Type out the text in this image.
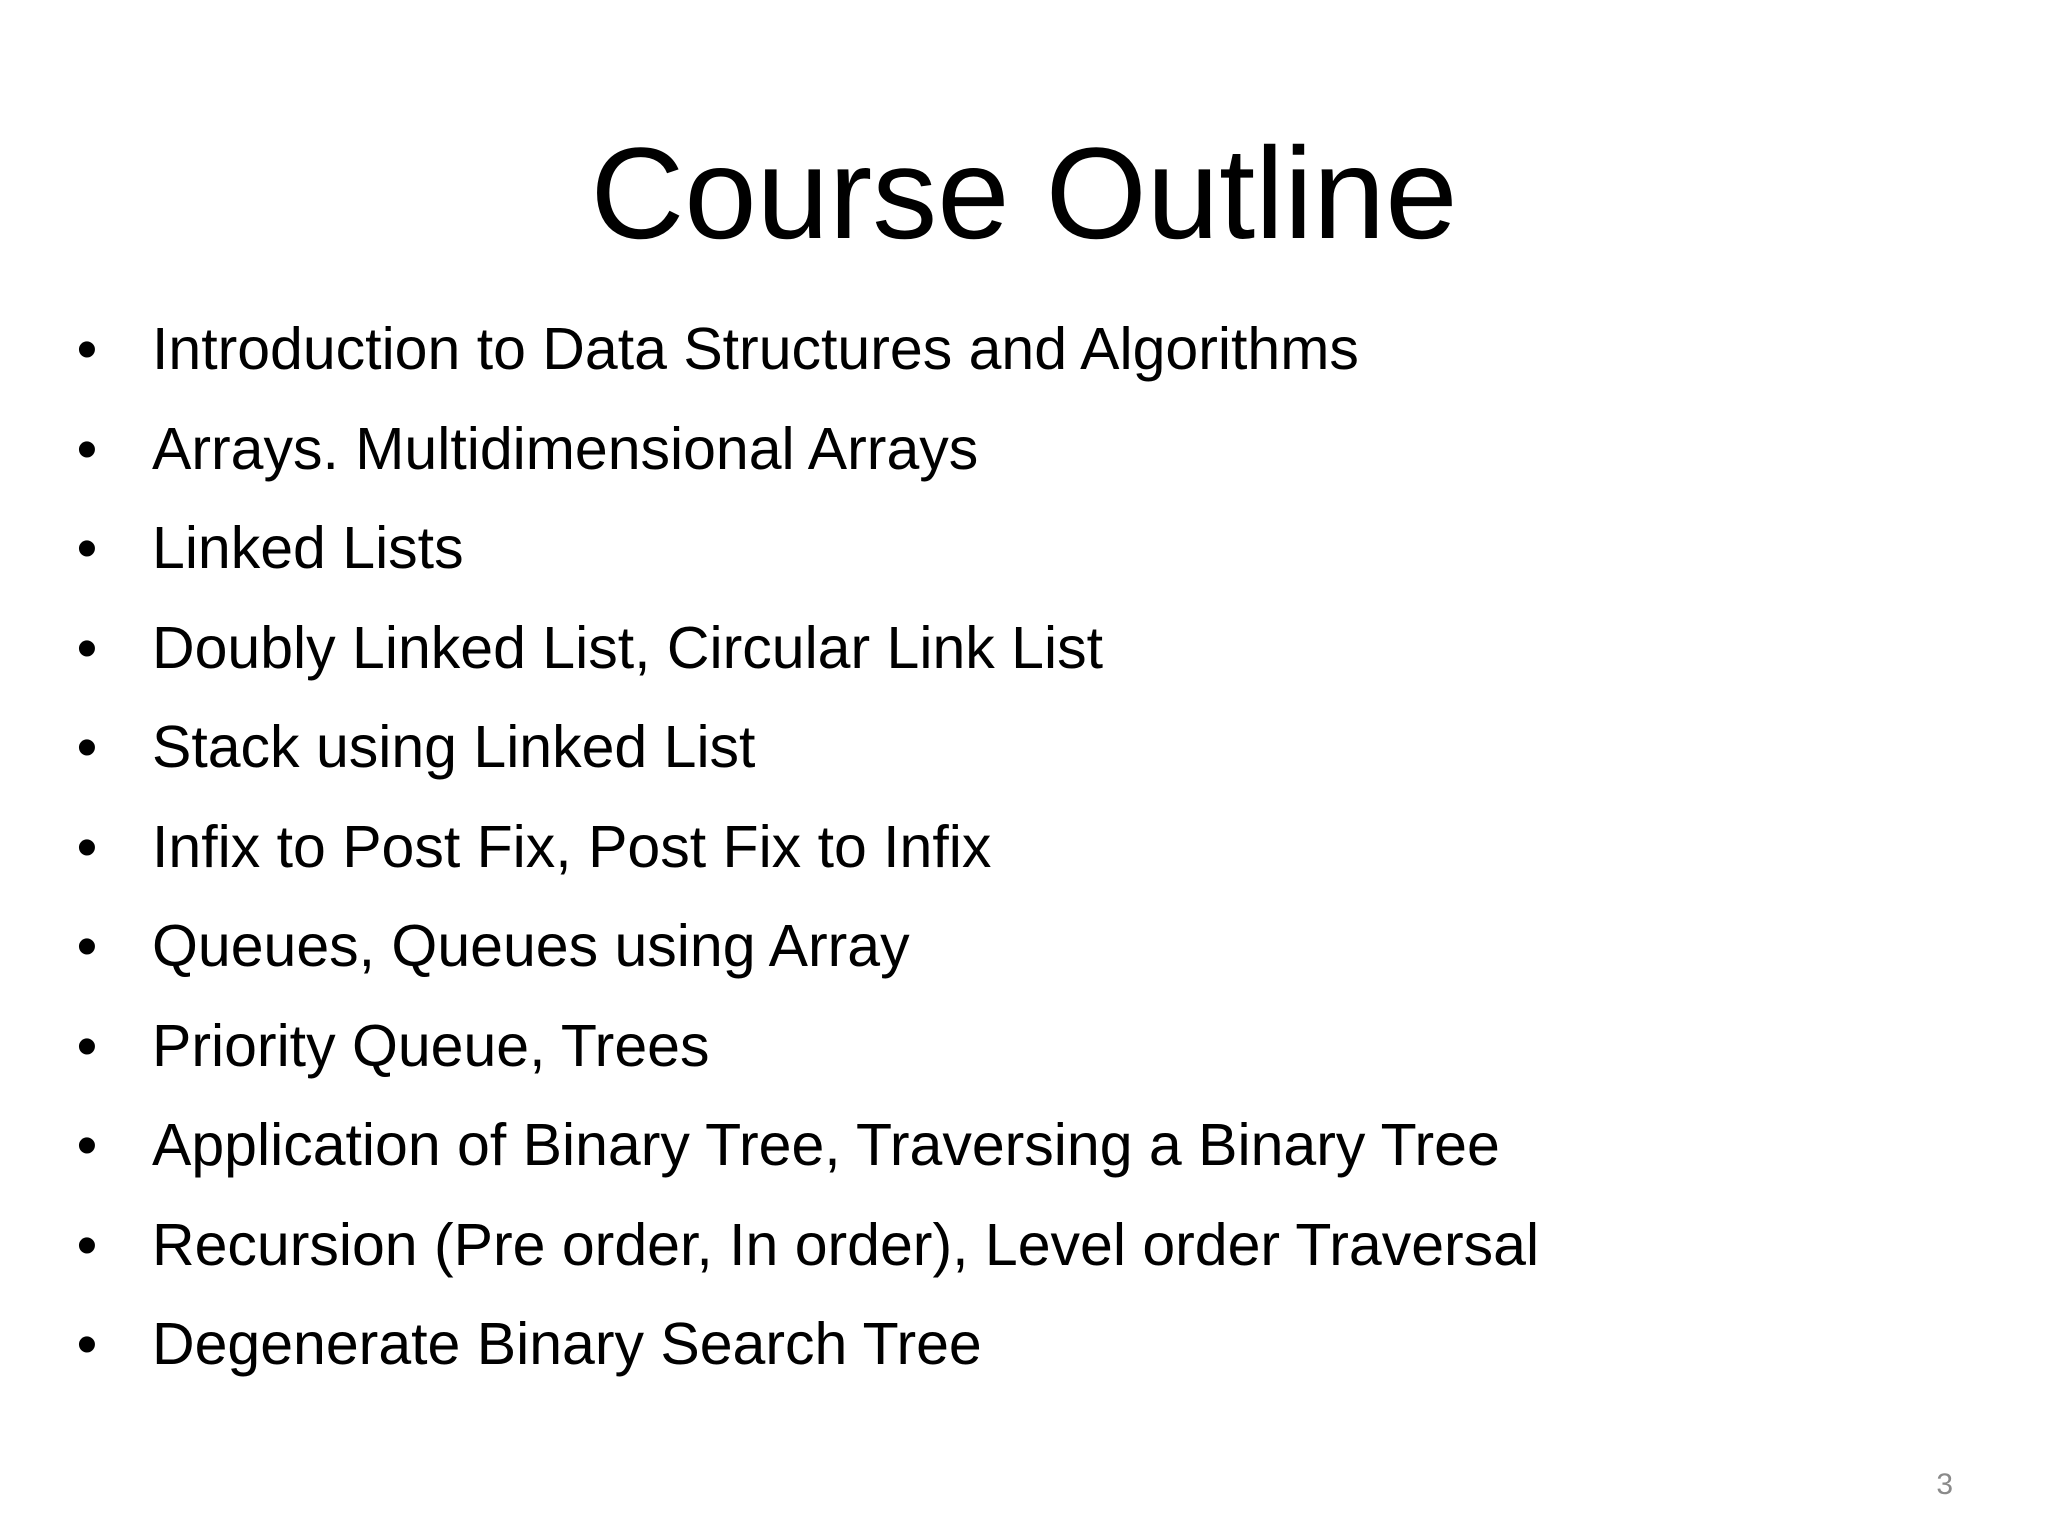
Course Outline
• Introduction to Data Structures and Algorithms
• Arrays. Multidimensional Arrays
• Linked Lists
• Doubly Linked List, Circular Link List
• Stack using Linked List
• Infix to Post Fix, Post Fix to Infix
• Queues, Queues using Array
• Priority Queue, Trees
• Application of Binary Tree, Traversing a Binary Tree
• Recursion (Pre order, In order), Level order Traversal
• Degenerate Binary Search Tree
3
